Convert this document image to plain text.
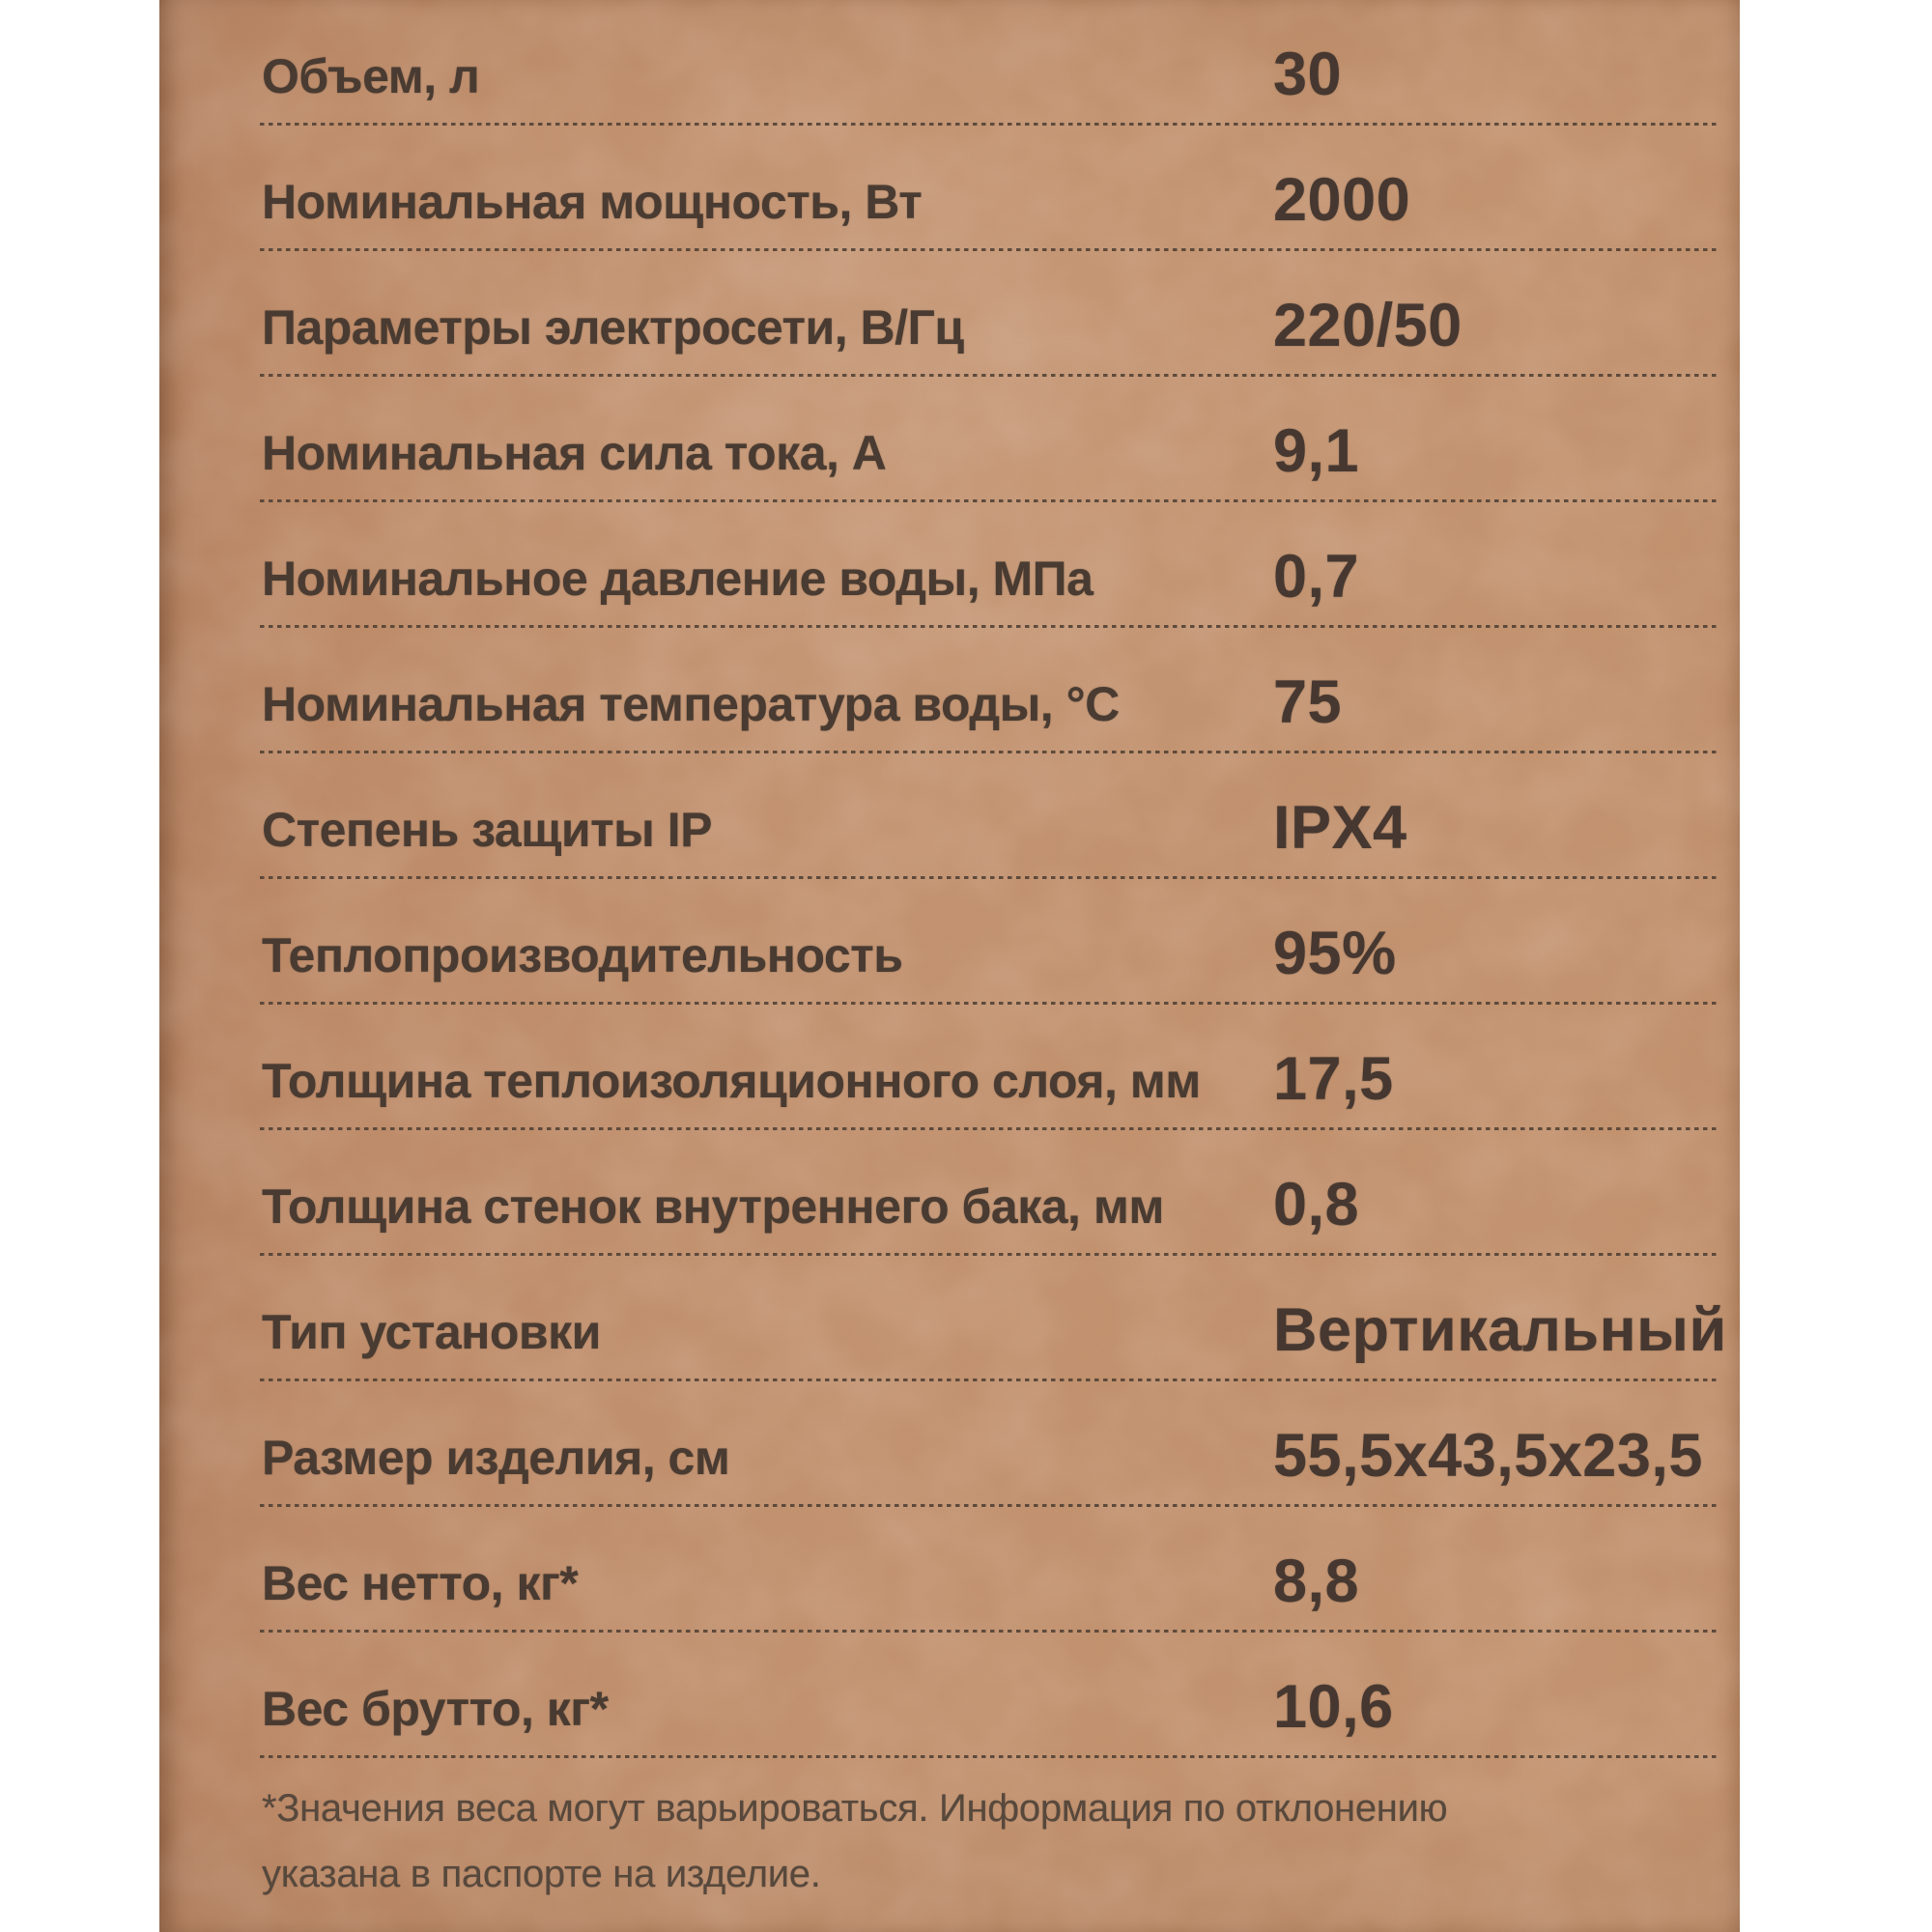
Объем, л	30
Номинальная мощность, Вт	2000
Параметры электросети, В/Гц	220/50
Номинальная сила тока, А	9,1
Номинальное давление воды, МПа	0,7
Номинальная температура воды, °С	75
Степень защиты IP	IPX4
Теплопроизводительность	95%
Толщина теплоизоляционного слоя, мм 17,5
Толщина стенок внутреннего бака, мм 0,8
Тип установки	Вертикальный
Размер изделия, см	55,5х43,5х23,5
Вес нетто, кг*	8,8
Вес брутто, кг*	10,6
*Значения веса могут варьироваться. Информация по отклонению
указана в паспорте на изделие.
